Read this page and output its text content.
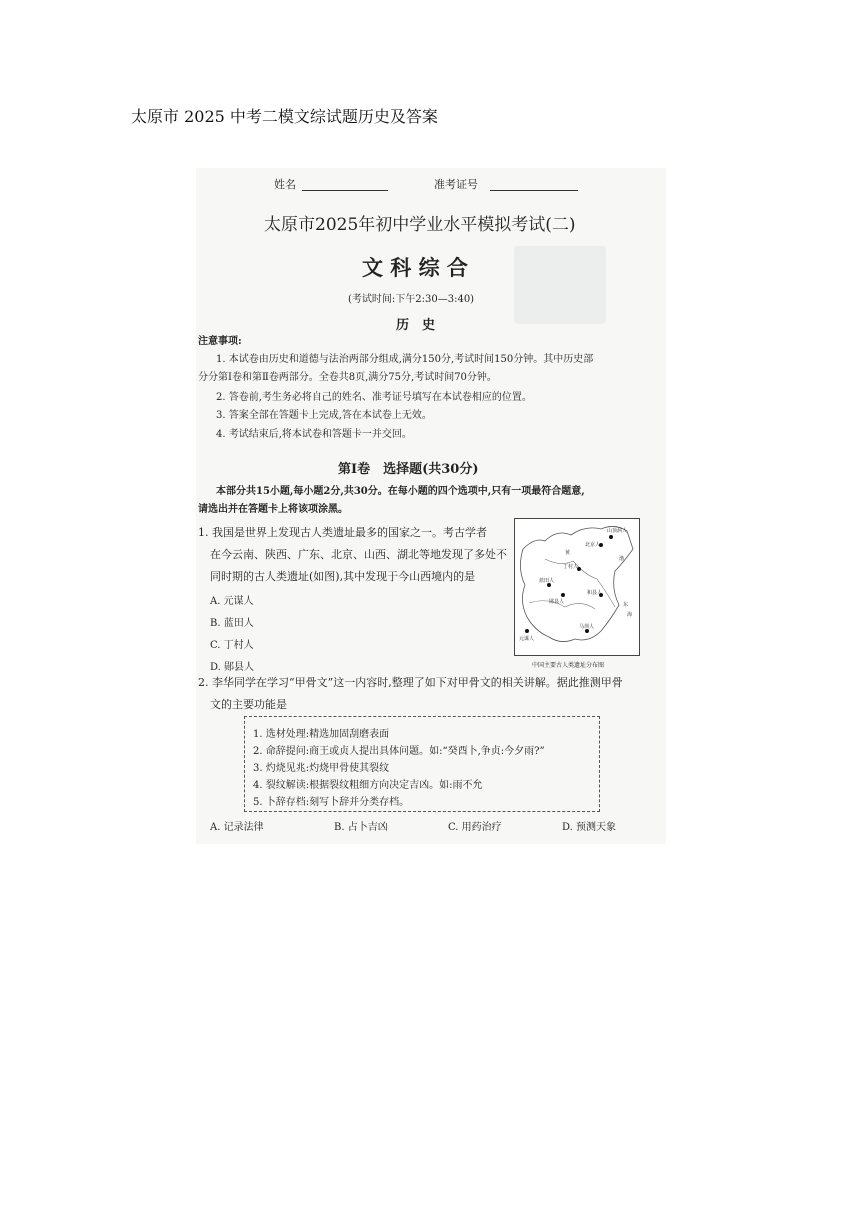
太原市 2025 中考二模文综试题历史及答案
姓名	准考证号
太原市2025年初中学业水平模拟考试(二)
文 科 综 合
(考试时间:下午2:30—3:40)
历　史
注意事项:
1. 本试卷由历史和道德与法治两部分组成,满分150分,考试时间150分钟。其中历史部
分分第Ⅰ卷和第Ⅱ卷两部分。全卷共8页,满分75分,考试时间70分钟。
2. 答卷前,考生务必将自己的姓名、准考证号填写在本试卷相应的位置。
3. 答案全部在答题卡上完成,答在本试卷上无效。
4. 考试结束后,将本试卷和答题卡一并交回。
第Ⅰ卷　选择题(共30分)
本部分共15小题,每小题2分,共30分。在每小题的四个选项中,只有一项最符合题意,
请选出并在答题卡上将该项涂黑。
1. 我国是世界上发现古人类遗址最多的国家之一。考古学者
在今云南、陕西、广东、北京、山西、湖北等地发现了多处不
同时期的古人类遗址(如图),其中发现于今山西境内的是
A. 元谋人
B. 蓝田人
C. 丁村人
D. 郧县人
北京人
山顶洞人
丁村人
蓝田人
郧县人
和县人
马坝人
元谋人
东
海
黄
渤
中国主要古人类遗址分布图
2. 李华同学在学习“甲骨文”这一内容时,整理了如下对甲骨文的相关讲解。据此推测甲骨
文的主要功能是
1. 选材处理:精选加固刮磨表面
2. 命辞提问:商王或贞人提出具体问题。如:“癸酉卜,争贞:今夕雨?”
3. 灼烧见兆:灼烧甲骨使其裂纹
4. 裂纹解读:根据裂纹粗细方向决定吉凶。如:雨不允
5. 卜辞存档:刻写卜辞并分类存档。
A. 记录法律	B. 占卜吉凶	C. 用药治疗	D. 预测天象
